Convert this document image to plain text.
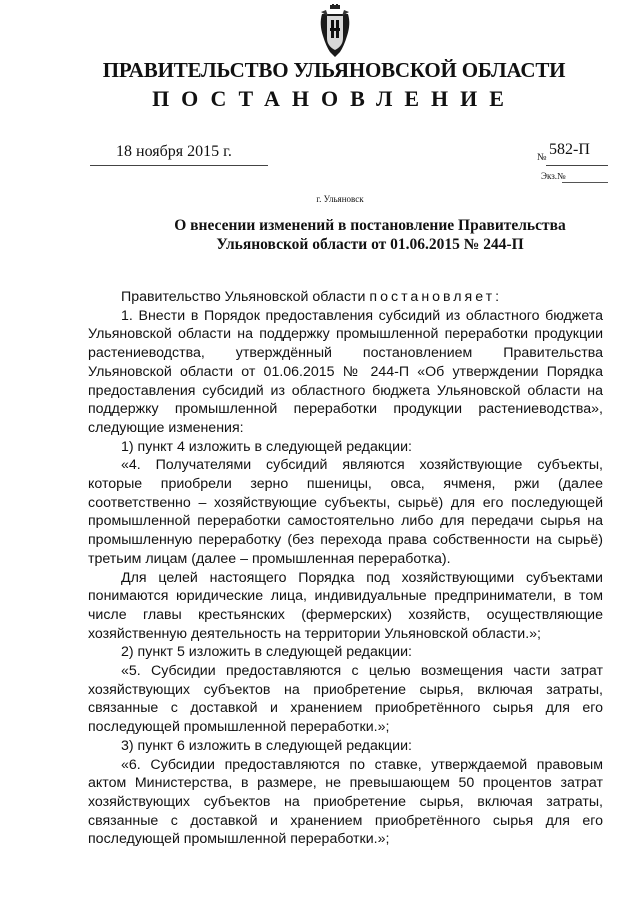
ПРАВИТЕЛЬСТВО УЛЬЯНОВСКОЙ ОБЛАСТИ
ПОСТАНОВЛЕНИЕ
18 ноября 2015 г.	№ 582-П
Экз.№
г. Ульяновск
О внесении изменений в постановление Правительства
Ульяновской области от 01.06.2015 № 244-П

Правительство Ульяновской области постановляет:

1. Внести в Порядок предоставления субсидий из областного бюджета Ульяновской области на поддержку промышленной переработки продукции растениеводства, утверждённый постановлением Правительства Ульяновской области от 01.06.2015 № 244-П «Об утверждении Порядка предоставления субсидий из областного бюджета Ульяновской области на поддержку промышленной переработки продукции растениеводства», следующие изменения:

1) пункт 4 изложить в следующей редакции:

«4. Получателями субсидий являются хозяйствующие субъекты, которые приобрели зерно пшеницы, овса, ячменя, ржи (далее соответственно – хозяйствующие субъекты, сырьё) для его последующей промышленной переработки самостоятельно либо для передачи сырья на промышленную переработку (без перехода права собственности на сырьё) третьим лицам (далее – промышленная переработка).

Для целей настоящего Порядка под хозяйствующими субъектами понимаются юридические лица, индивидуальные предприниматели, в том числе главы крестьянских (фермерских) хозяйств, осуществляющие хозяйственную деятельность на территории Ульяновской области.»;

2) пункт 5 изложить в следующей редакции:

«5. Субсидии предоставляются с целью возмещения части затрат хозяйствующих субъектов на приобретение сырья, включая затраты, связанные с доставкой и хранением приобретённого сырья для его последующей промышленной переработки.»;

3) пункт 6 изложить в следующей редакции:

«6. Субсидии предоставляются по ставке, утверждаемой правовым актом Министерства, в размере, не превышающем 50 процентов затрат хозяйствующих субъектов на приобретение сырья, включая затраты, связанные с доставкой и хранением приобретённого сырья для его последующей промышленной переработки.»;
